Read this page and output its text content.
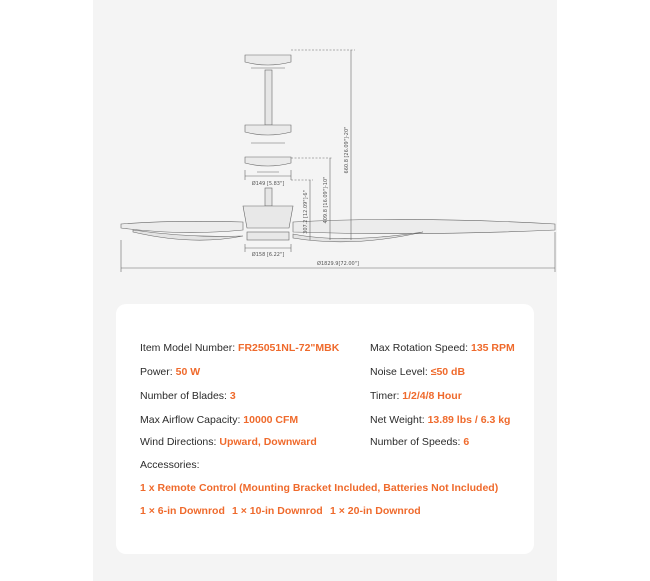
Ø149 [5.83"]
Ø158 [6.22"]
Ø1829.9[72.00"]
307.2 [12.09"]-6"	409.8 [16.09"]-10"
660.8 [26.09"]-20"
Item Model Number: FR25051NL-72"MBK
Power: 50 W
Number of Blades: 3
Max Airflow Capacity: 10000 CFM
Wind Directions: Upward, Downward
Max Rotation Speed: 135 RPM
Noise Level: ≤50 dB
Timer: 1/2/4/8 Hour
Net Weight: 13.89 lbs / 6.3 kg
Number of Speeds: 6
Accessories:
1 x Remote Control (Mounting Bracket Included, Batteries Not Included)
1 × 6-in Downrod 1 × 10-in Downrod 1 × 20-in Downrod
